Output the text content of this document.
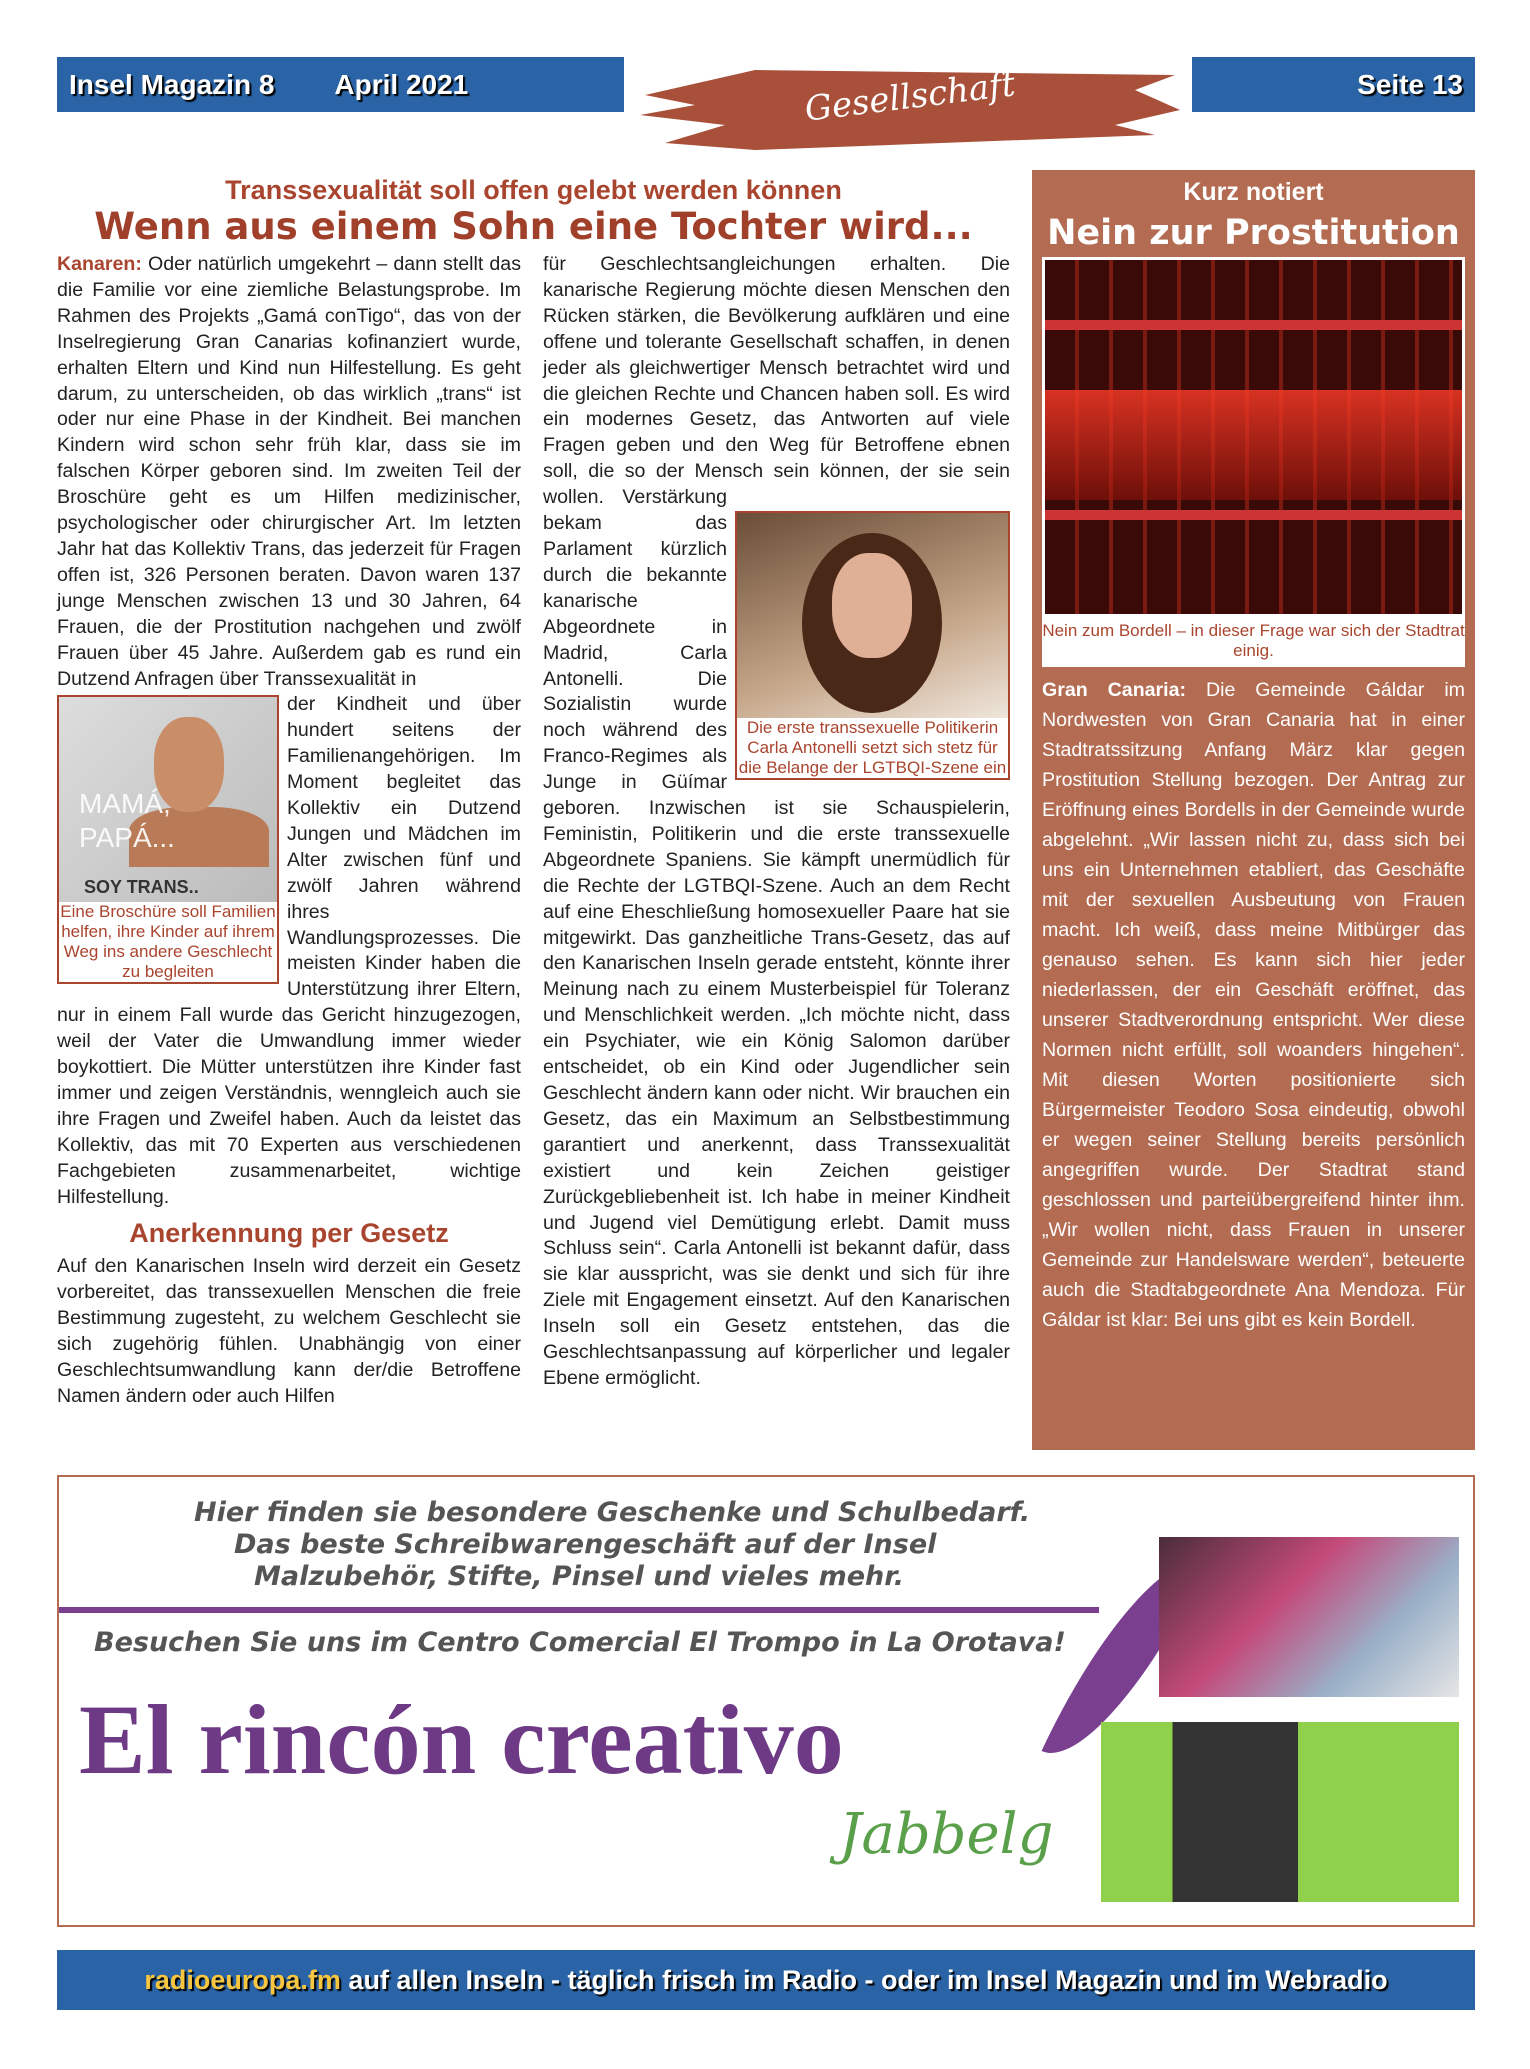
Insel Magazin 8 April 2021	Gesellschaft	Seite 13
Transsexualität soll offen gelebt werden können
Wenn aus einem Sohn eine Tochter wird...

Kanaren: Oder natürlich umgekehrt – dann stellt das die Familie vor eine ziemliche Belastungsprobe. Im Rahmen des Projekts „Gamá conTigo“, das von der Inselregierung Gran Canarias kofinanziert wurde, erhalten Eltern und Kind nun Hilfestellung. Es geht darum, zu unterscheiden, ob das wirklich „trans“ ist oder nur eine Phase in der Kindheit. Bei manchen Kindern wird schon sehr früh klar, dass sie im falschen Körper geboren sind. Im zweiten Teil der Broschüre geht es um Hilfen medizinischer, psychologischer oder chirurgischer Art. Im letzten Jahr hat das Kollektiv Trans, das jederzeit für Fragen offen ist, 326 Personen beraten. Davon waren 137 junge Menschen zwischen 13 und 30 Jahren, 64 Frauen, die der Prostitution nachgehen und zwölf Frauen über 45 Jahre. Außerdem gab es rund ein Dutzend Anfragen über Transsexualität in

MAMÁ,
PAPÁ...
SOY TRANS..
Eine Broschüre soll Familien helfen, ihre Kinder auf ihrem Weg ins andere Geschlecht zu begleiten

der Kindheit und über hundert seitens der Familienangehörigen. Im Moment begleitet das Kollektiv ein Dutzend Jungen und Mädchen im Alter zwischen fünf und zwölf Jahren während ihres Wandlungsprozesses. Die meisten Kinder haben die Unterstützung ihrer Eltern, nur in einem Fall wurde das Gericht hinzugezogen, weil der Vater die Umwandlung immer wieder boykottiert. Die Mütter unterstützen ihre Kinder fast immer und zeigen Verständnis, wenngleich auch sie ihre Fragen und Zweifel haben. Auch da leistet das Kollektiv, das mit 70 Experten aus verschiedenen Fachgebieten zusammenarbeitet, wichtige Hilfestellung.

Anerkennung per Gesetz

Auf den Kanarischen Inseln wird derzeit ein Gesetz vorbereitet, das transsexuellen Menschen die freie Bestimmung zugesteht, zu welchem Geschlecht sie sich zugehörig fühlen. Unabhängig von einer Geschlechtsumwandlung kann der/die Betroffene Namen ändern oder auch Hilfen

Die erste transsexuelle Politikerin Carla Antonelli setzt sich stetz für die Belange der LGTBQI-Szene ein

für Geschlechtsangleichungen erhalten. Die kanarische Regierung möchte diesen Menschen den Rücken stärken, die Bevölkerung aufklären und eine offene und tolerante Gesellschaft schaffen, in denen jeder als gleichwertiger Mensch betrachtet wird und die gleichen Rechte und Chancen haben soll. Es wird ein modernes Gesetz, das Antworten auf viele Fragen geben und den Weg für Betroffene ebnen soll, die so der Mensch sein können, der sie sein wollen. Verstärkung bekam das Parlament kürzlich durch die bekannte kanarische Abgeordnete in Madrid, Carla Antonelli. Die Sozialistin wurde noch während des Franco-Regimes als Junge in Güímar geboren. Inzwischen ist sie Schauspielerin, Feministin, Politikerin und die erste transsexuelle Abgeordnete Spaniens. Sie kämpft unermüdlich für die Rechte der LGTBQI-Szene. Auch an dem Recht auf eine Eheschließung homosexueller Paare hat sie mitgewirkt. Das ganzheitliche Trans-Gesetz, das auf den Kanarischen Inseln gerade entsteht, könnte ihrer Meinung nach zu einem Musterbeispiel für Toleranz und Menschlichkeit werden. „Ich möchte nicht, dass ein Psychiater, wie ein König Salomon darüber entscheidet, ob ein Kind oder Jugendlicher sein Geschlecht ändern kann oder nicht. Wir brauchen ein Gesetz, das ein Maximum an Selbstbestimmung garantiert und anerkennt, dass Transsexualität existiert und kein Zeichen geistiger Zurückgebliebenheit ist. Ich habe in meiner Kindheit und Jugend viel Demütigung erlebt. Damit muss Schluss sein“. Carla Antonelli ist bekannt dafür, dass sie klar ausspricht, was sie denkt und sich für ihre Ziele mit Engagement einsetzt. Auf den Kanarischen Inseln soll ein Gesetz entstehen, das die Geschlechtsanpassung auf körperlicher und legaler Ebene ermöglicht.

Kurz notiert
Nein zur Prostitution
Nein zum Bordell – in dieser Frage war sich der Stadtrat einig.
Gran Canaria: Die Gemeinde Gáldar im Nordwesten von Gran Canaria hat in einer Stadtratssitzung Anfang März klar gegen Prostitution Stellung bezogen. Der Antrag zur Eröffnung eines Bordells in der Gemeinde wurde abgelehnt. „Wir lassen nicht zu, dass sich bei uns ein Unternehmen etabliert, das Geschäfte mit der sexuellen Ausbeutung von Frauen macht. Ich weiß, dass meine Mitbürger das genauso sehen. Es kann sich hier jeder niederlassen, der ein Geschäft eröffnet, das unserer Stadtverordnung entspricht. Wer diese Normen nicht erfüllt, soll woanders hingehen“. Mit diesen Worten positionierte sich Bürgermeister Teodoro Sosa eindeutig, obwohl er wegen seiner Stellung bereits persönlich angegriffen wurde. Der Stadtrat stand geschlossen und parteiübergreifend hinter ihm. „Wir wollen nicht, dass Frauen in unserer Gemeinde zur Handelsware werden“, beteuerte auch die Stadtabgeordnete Ana Mendoza. Für Gáldar ist klar: Bei uns gibt es kein Bordell.
Hier finden sie besondere Geschenke und Schulbedarf.
Das beste Schreibwarengeschäft auf der Insel
Malzubehör, Stifte, Pinsel und vieles mehr.
Besuchen Sie uns im Centro Comercial El Trompo in La Orotava!
El rincón creativo
Jabbelg
radioeuropa.fm auf allen Inseln - täglich frisch im Radio - oder im Insel Magazin und im Webradio
